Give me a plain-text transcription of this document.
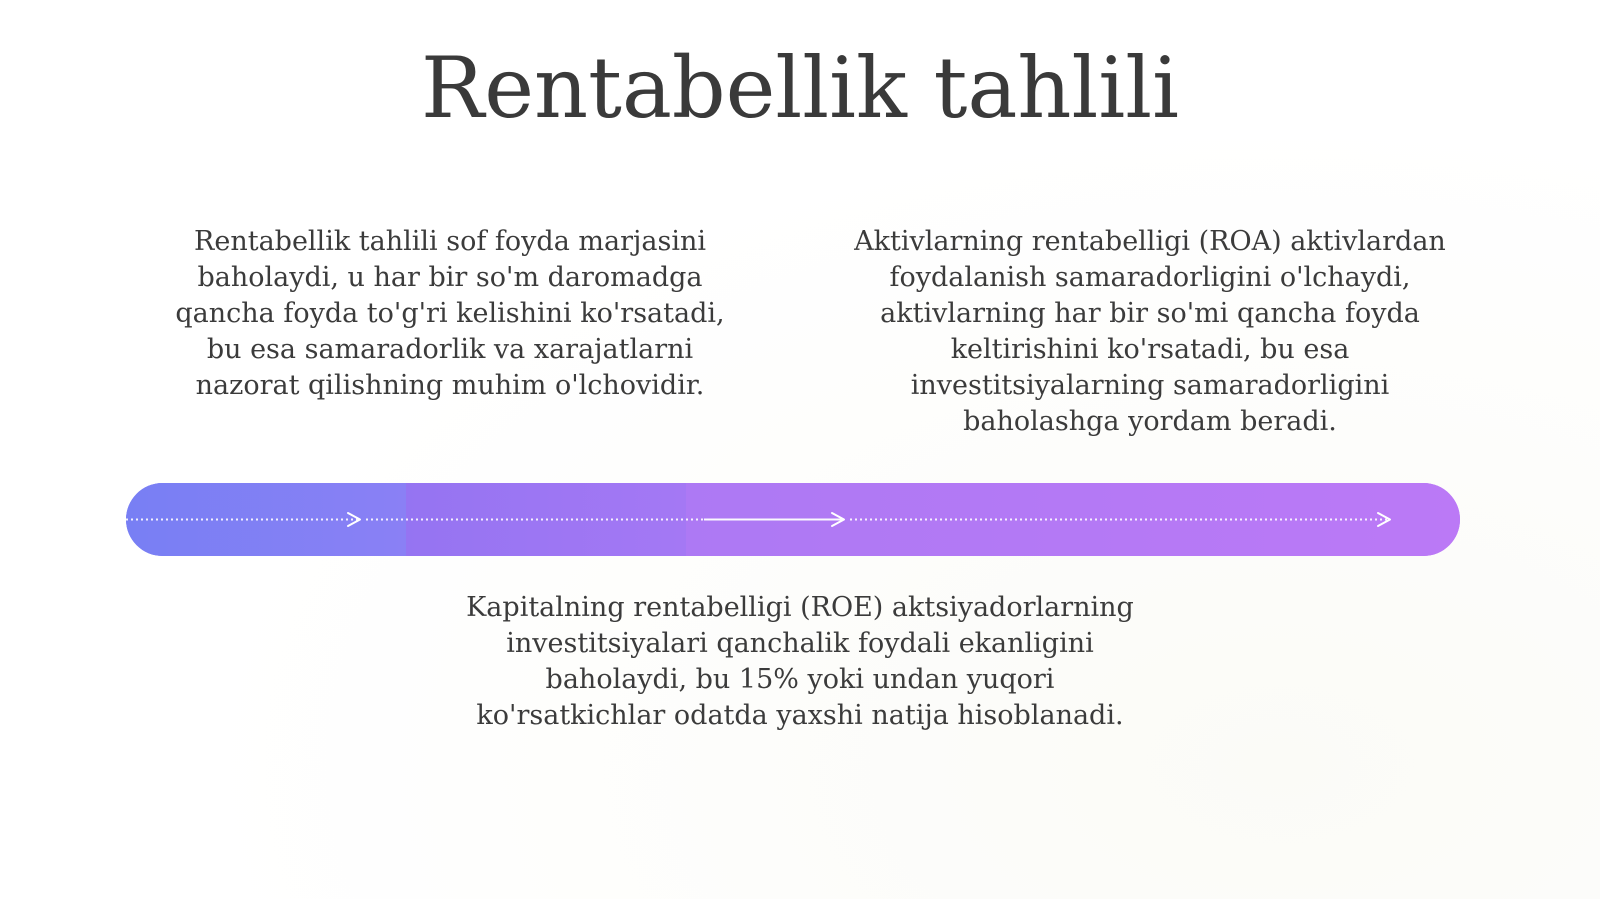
Rentabellik tahlili

Rentabellik tahlili sof foyda marjasini
baholaydi, u har bir so'm daromadga
qancha foyda to'g'ri kelishini ko'rsatadi,
bu esa samaradorlik va xarajatlarni
nazorat qilishning muhim o'lchovidir.

Aktivlarning rentabelligi (ROA) aktivlardan
foydalanish samaradorligini o'lchaydi,
aktivlarning har bir so'mi qancha foyda
keltirishini ko'rsatadi, bu esa
investitsiyalarning samaradorligini
baholashga yordam beradi.

Kapitalning rentabelligi (ROE) aktsiyadorlarning
investitsiyalari qanchalik foydali ekanligini
baholaydi, bu 15% yoki undan yuqori
ko'rsatkichlar odatda yaxshi natija hisoblanadi.
